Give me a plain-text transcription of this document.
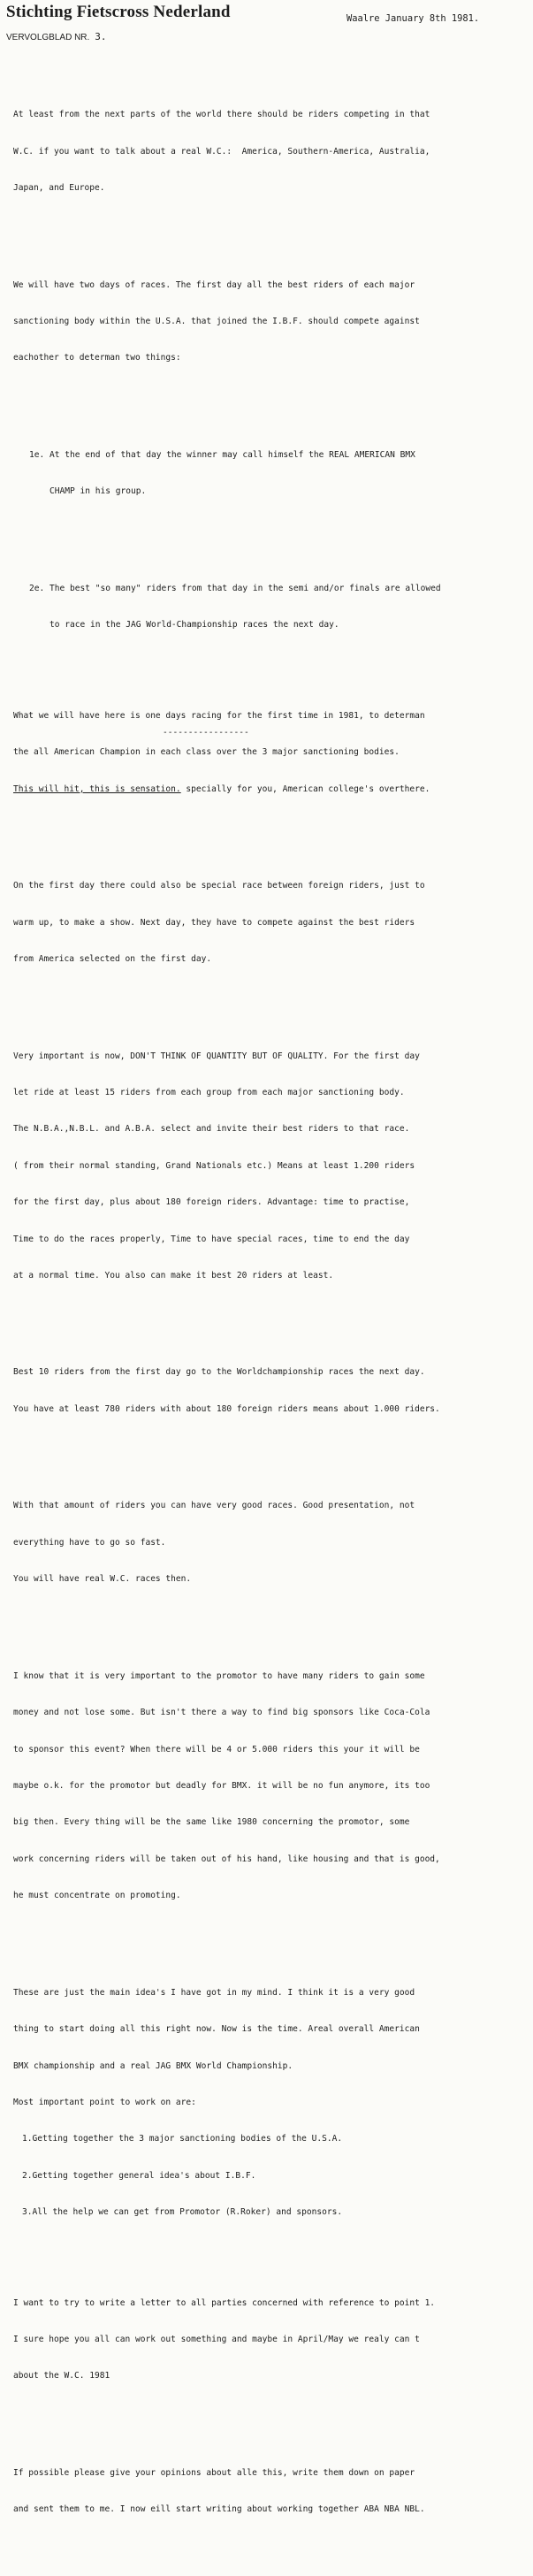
Stichting Fietscross Nederland	Waalre January 8th 1981.
VERVOLGBLAD NR. 3.

At least from the next parts of the world there should be riders competing in that

W.C. if you want to talk about a real W.C.:  America, Southern-America, Australia,

Japan, and Europe.

We will have two days of races. The first day all the best riders of each major

sanctioning body within the U.S.A. that joined the I.B.F. should compete against

eachother to determan two things:

1e. At the end of that day the winner may call himself the REAL AMERICAN BMX

CHAMP in his group.

2e. The best "so many" riders from that day in the semi and/or finals are allowed

to race in the JAG World-Championship races the next day.

What we will have here is one days racing for the first time in 1981, to determan

the all American Champion in each class over the 3 major sanctioning bodies.

This will hit, this is sensation. specially for you, American college's overthere.

On the first day there could also be special race between foreign riders, just to

warm up, to make a show. Next day, they have to compete against the best riders

from America selected on the first day.

Very important is now, DON'T THINK OF QUANTITY BUT OF QUALITY. For the first day

let ride at least 15 riders from each group from each major sanctioning body.

The N.B.A.,N.B.L. and A.B.A. select and invite their best riders to that race.

( from their normal standing, Grand Nationals etc.) Means at least 1.200 riders

for the first day, plus about 180 foreign riders. Advantage: time to practise,

Time to do the races properly, Time to have special races, time to end the day

at a normal time. You also can make it best 20 riders at least.

Best 10 riders from the first day go to the Worldchampionship races the next day.

You have at least 780 riders with about 180 foreign riders means about 1.000 riders.

With that amount of riders you can have very good races. Good presentation, not

everything have to go so fast.

You will have real W.C. races then.

I know that it is very important to the promotor to have many riders to gain some

money and not lose some. But isn't there a way to find big sponsors like Coca-Cola

to sponsor this event? When there will be 4 or 5.000 riders this your it will be

maybe o.k. for the promotor but deadly for BMX. it will be no fun anymore, its too

big then. Every thing will be the same like 1980 concerning the promotor, some

work concerning riders will be taken out of his hand, like housing and that is good,

he must concentrate on promoting.

These are just the main idea's I have got in my mind. I think it is a very good

thing to start doing all this right now. Now is the time. Areal overall American

BMX championship and a real JAG BMX World Championship.

Most important point to work on are:

1.Getting together the 3 major sanctioning bodies of the U.S.A.

2.Getting together general idea's about I.B.F.

3.All the help we can get from Promotor (R.Roker) and sponsors.

I want to try to write a letter to all parties concerned with reference to point 1.

I sure hope you all can work out something and maybe in April/May we realy can t

about the W.C. 1981

If possible please give your opinions about alle this, write them down on paper

and sent them to me. I now eill start writing about working together ABA NBA NBL.

-----------------
